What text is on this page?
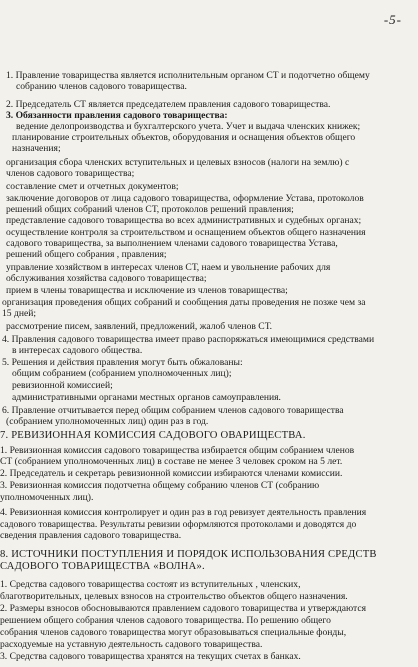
-5-
1. Правление товарищества является исполнительным органом СТ и подотчетно общему
собранию членов садового товарищества.
2. Председатель СТ является председателем правления садового товарищества.
3. Обязанности правления садового товарищества:
ведение делопроизводства и бухгалтерского учета. Учет и выдача членских книжек;
планирование строительных объектов, оборудования и оснащения объектов общего
назначения;
организация сбора членских вступительных и целевых взносов (налоги на землю) с
членов садового товарищества;
составление смет и отчетных документов;
заключение договоров от лица садового товарищества, оформление Устава, протоколов
решений общих собраний членов СТ, протоколов решений правления;
представление садового товарищества во всех административных и судебных органах;
осуществление контроля за строительством и оснащением объектов общего назначения
садового товарищества, за выполнением членами садового товарищества Устава,
решений общего собрания , правления;
управление хозяйством в интересах членов СТ, наем и увольнение рабочих для
обслуживания хозяйства садового товарищества;
прием в члены товарищества и исключение из членов товарищества;
организация проведения общих собраний и сообщения даты проведения не позже чем за
15 дней;
рассмотрение писем, заявлений, предложений, жалоб членов СТ.
4. Правления садового товарищества имеет право распоряжаться имеющимися средствами
в интересах садового общества.
5. Решения и действия правления могут быть обжалованы:
общим собранием (собранием уполномоченных лиц);
ревизионной комиссией;
административными органами местных органов самоуправления.
6. Правление отчитывается перед общим собранием членов садового товарищества
(собранием уполномоченных лиц) один раз в год.
7. РЕВИЗИОННАЯ КОМИССИЯ САДОВОГО ОВАРИЩЕСТВА.
1. Ревизионная комиссия садового товарищества избирается общим собранием членов
СТ (собранием уполномоченных лиц) в составе не менее 3 человек сроком на 5 лет.
2. Председатель и секретарь ревизионной комиссии избираются членами комиссии.
3. Ревизионная комиссия подотчетна общему собранию членов СТ (собранию
уполномоченных лиц).
4. Ревизионная комиссия контролирует и один раз в год ревизует деятельность правления
садового товарищества. Результаты ревизии оформляются протоколами и доводятся до
сведения правления садового товарищества.
8. ИСТОЧНИКИ ПОСТУПЛЕНИЯ И ПОРЯДОК ИСПОЛЬЗОВАНИЯ СРЕДСТВ
САДОВОГО ТОВАРИЩЕСТВА «ВОЛНА».
1. Средства садового товарищества состоят из вступительных , членских,
благотворительных, целевых взносов на строительство объектов общего назначения.
2. Размеры взносов обосновываются правлением садового товарищества и утверждаются
решением общего собрания членов садового товарищества. По решению общего
собрания членов садового товарищества могут образовываться специальные фонды,
расходуемые на уставную деятельность садового товарищества.
3. Средства садового товарищества хранятся на текущих счетах в банках.
